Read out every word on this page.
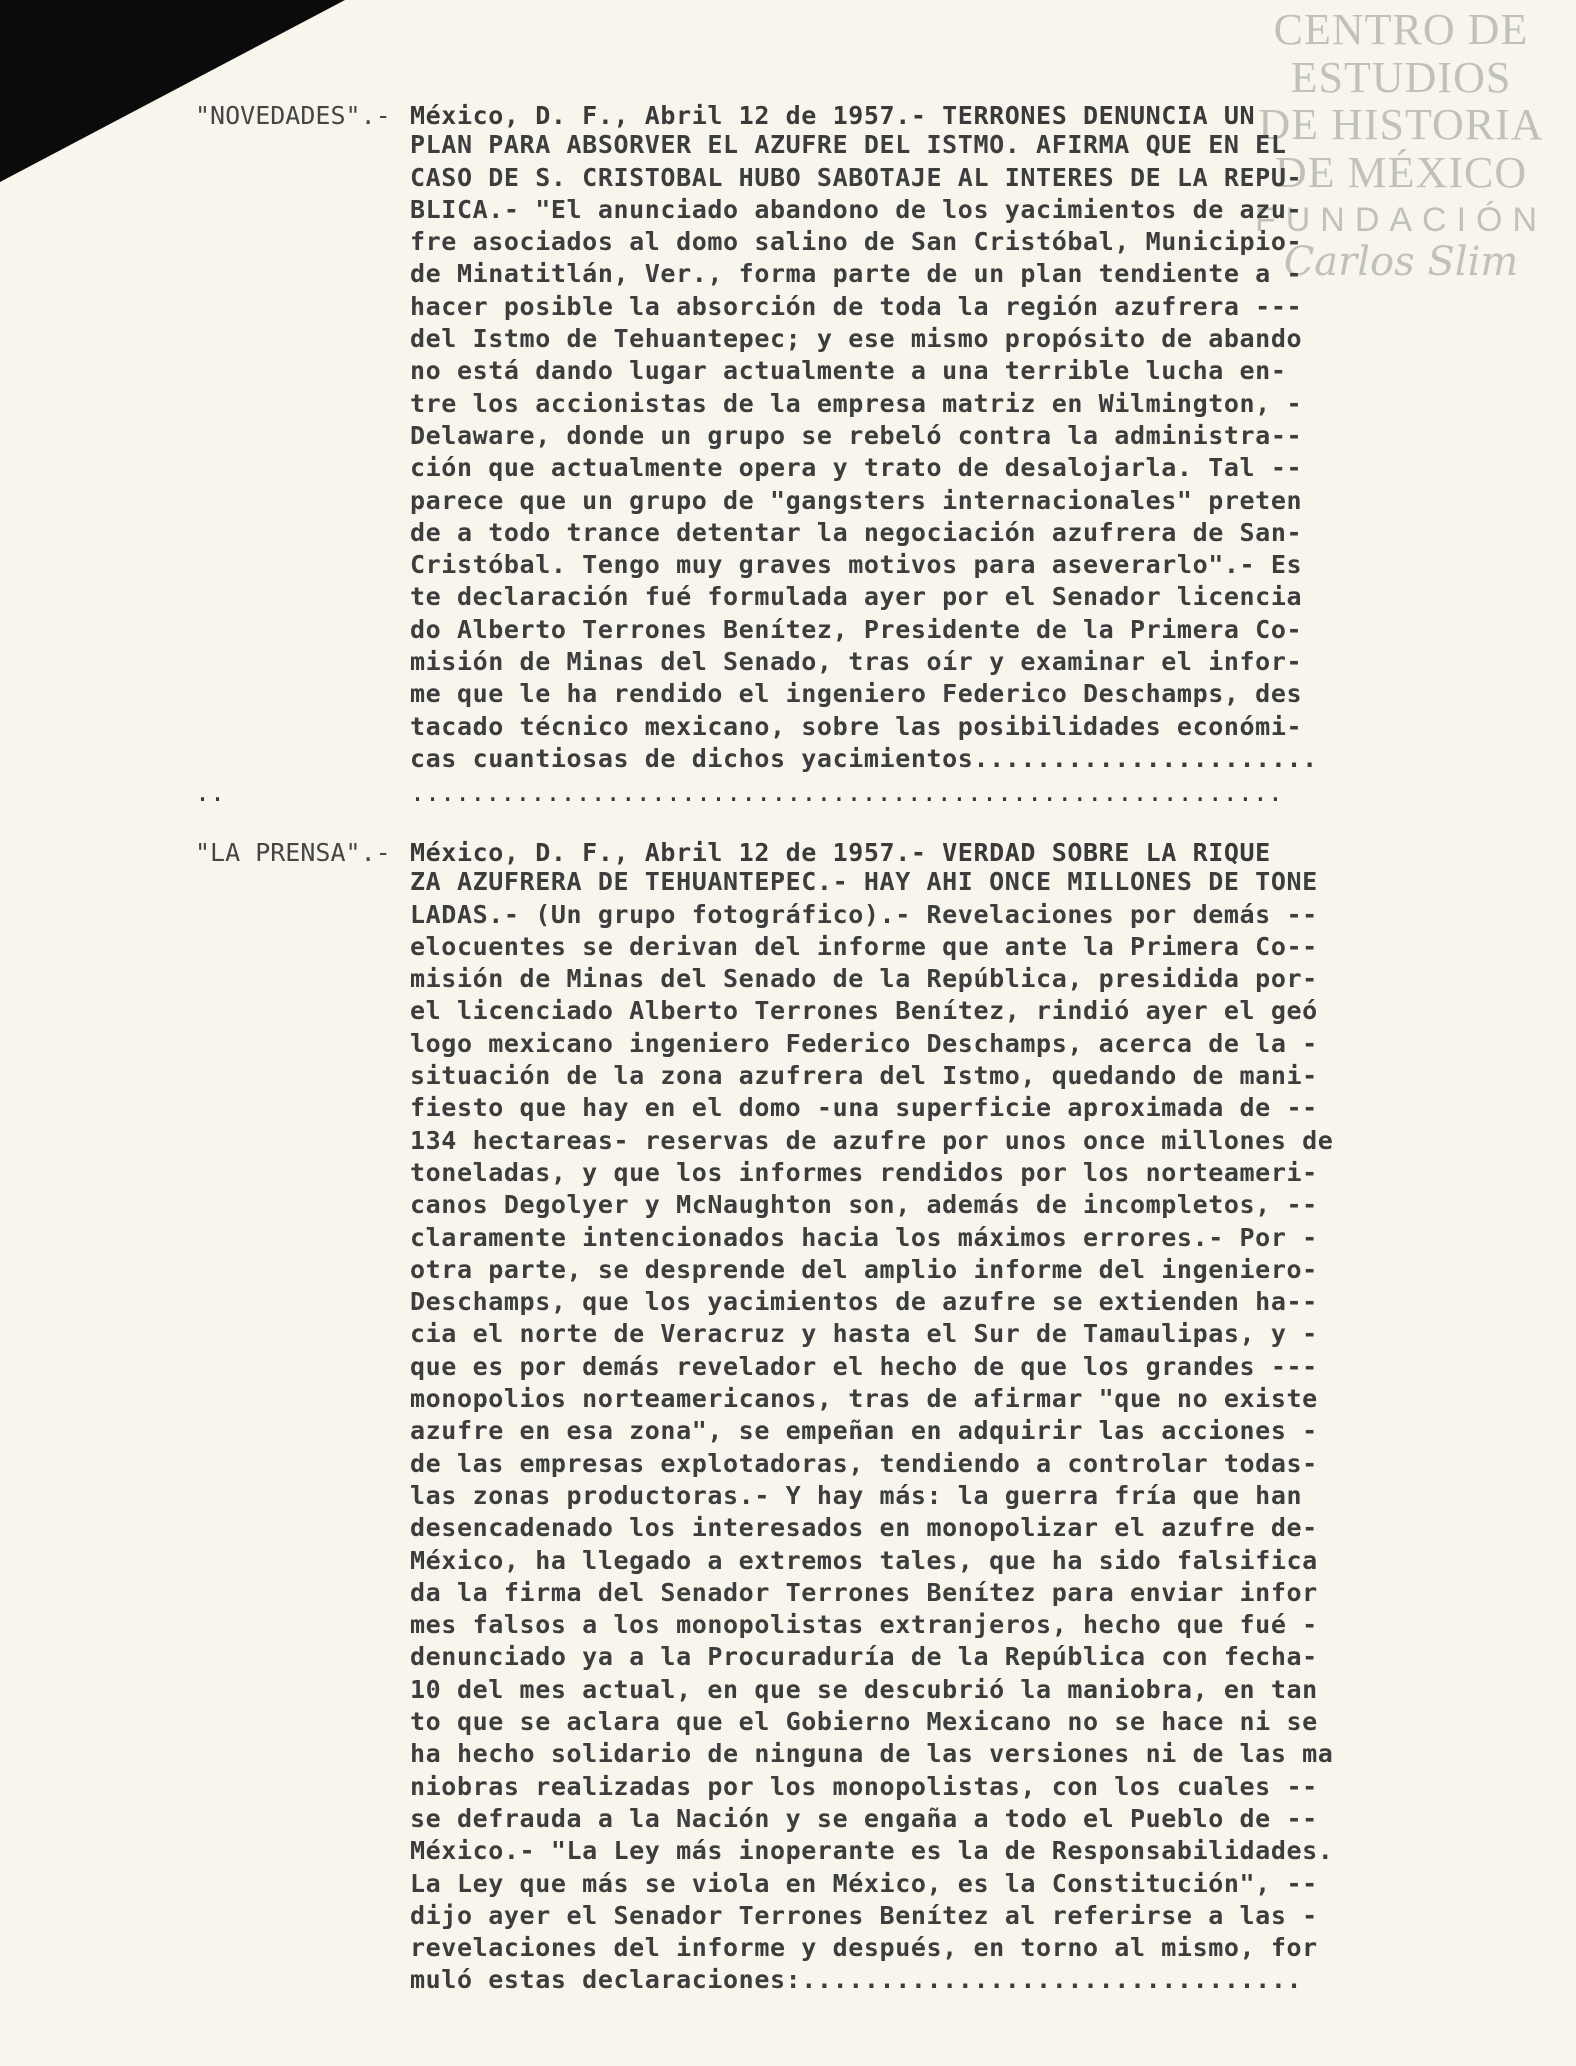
CENTRO DE
ESTUDIOS
DE HISTORIA
DE MÉXICO
FUNDACIÓN
Carlos Slim
"NOVEDADES".- México, D. F., Abril 12 de 1957.- TERRONES DENUNCIA UN
PLAN PARA ABSORVER EL AZUFRE DEL ISTMO. AFIRMA QUE EN EL
CASO DE S. CRISTOBAL HUBO SABOTAJE AL INTERES DE LA REPU-
BLICA.- "El anunciado abandono de los yacimientos de azu-
fre asociados al domo salino de San Cristóbal, Municipio-
de Minatitlán, Ver., forma parte de un plan tendiente a -
hacer posible la absorción de toda la región azufrera ---
del Istmo de Tehuantepec; y ese mismo propósito de abando
no está dando lugar actualmente a una terrible lucha en-
tre los accionistas de la empresa matriz en Wilmington, -
Delaware, donde un grupo se rebeló contra la administra--
ción que actualmente opera y trato de desalojarla. Tal --
parece que un grupo de "gangsters internacionales" preten
de a todo trance detentar la negociación azufrera de San-
Cristóbal. Tengo muy graves motivos para aseverarlo".- Es
te declaración fué formulada ayer por el Senador licencia
do Alberto Terrones Benítez, Presidente de la Primera Co-
misión de Minas del Senado, tras oír y examinar el infor-
me que le ha rendido el ingeniero Federico Deschamps, des
tacado técnico mexicano, sobre las posibilidades económi-
cas cuantiosas de dichos yacimientos......................
..	..........................................................
"LA PRENSA".- México, D. F., Abril 12 de 1957.- VERDAD SOBRE LA RIQUE
ZA AZUFRERA DE TEHUANTEPEC.- HAY AHI ONCE MILLONES DE TONE
LADAS.- (Un grupo fotográfico).- Revelaciones por demás --
elocuentes se derivan del informe que ante la Primera Co--
misión de Minas del Senado de la República, presidida por-
el licenciado Alberto Terrones Benítez, rindió ayer el geó
logo mexicano ingeniero Federico Deschamps, acerca de la -
situación de la zona azufrera del Istmo, quedando de mani-
fiesto que hay en el domo -una superficie aproximada de --
134 hectareas- reservas de azufre por unos once millones de
toneladas, y que los informes rendidos por los norteameri-
canos Degolyer y McNaughton son, además de incompletos, --
claramente intencionados hacia los máximos errores.- Por -
otra parte, se desprende del amplio informe del ingeniero-
Deschamps, que los yacimientos de azufre se extienden ha--
cia el norte de Veracruz y hasta el Sur de Tamaulipas, y -
que es por demás revelador el hecho de que los grandes ---
monopolios norteamericanos, tras de afirmar "que no existe
azufre en esa zona", se empeñan en adquirir las acciones -
de las empresas explotadoras, tendiendo a controlar todas-
las zonas productoras.- Y hay más: la guerra fría que han
desencadenado los interesados en monopolizar el azufre de-
México, ha llegado a extremos tales, que ha sido falsifica
da la firma del Senador Terrones Benítez para enviar infor
mes falsos a los monopolistas extranjeros, hecho que fué -
denunciado ya a la Procuraduría de la República con fecha-
10 del mes actual, en que se descubrió la maniobra, en tan
to que se aclara que el Gobierno Mexicano no se hace ni se
ha hecho solidario de ninguna de las versiones ni de las ma
niobras realizadas por los monopolistas, con los cuales --
se defrauda a la Nación y se engaña a todo el Pueblo de --
México.- "La Ley más inoperante es la de Responsabilidades.
La Ley que más se viola en México, es la Constitución", --
dijo ayer el Senador Terrones Benítez al referirse a las -
revelaciones del informe y después, en torno al mismo, for
muló estas declaraciones:................................
